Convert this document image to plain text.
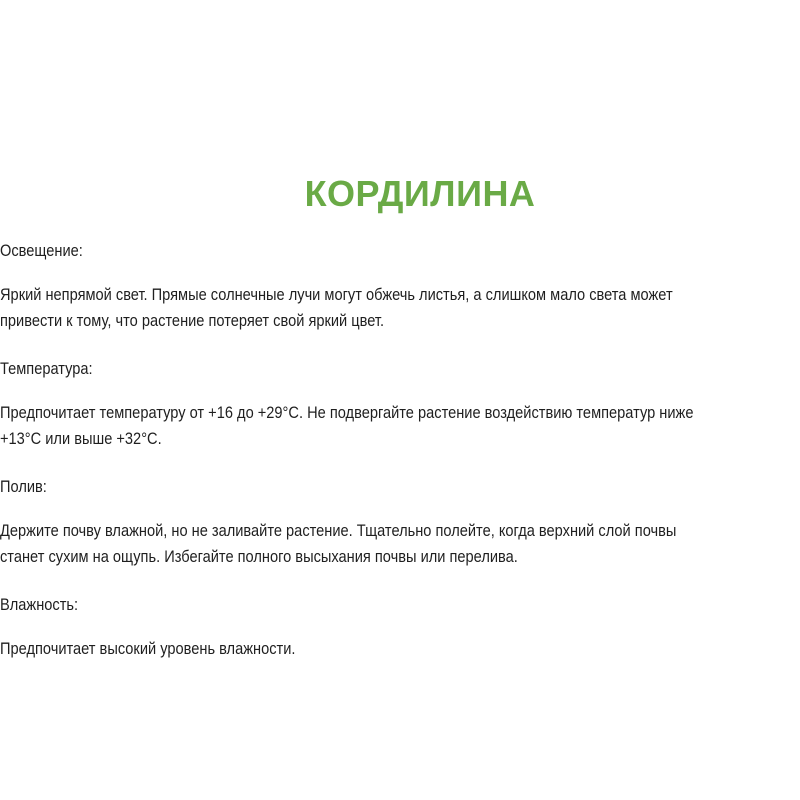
КОРДИЛИНА

Освещение:

Яркий непрямой свет. Прямые солнечные лучи могут обжечь листья, а слишком мало света может
привести к тому, что растение потеряет свой яркий цвет.

Температура:

Предпочитает температуру от +16 до +29°С. Не подвергайте растение воздействию температур ниже
+13°С или выше +32°С.

Полив:

Держите почву влажной, но не заливайте растение. Тщательно полейте, когда верхний слой почвы
станет сухим на ощупь. Избегайте полного высыхания почвы или перелива.

Влажность:

Предпочитает высокий уровень влажности.
